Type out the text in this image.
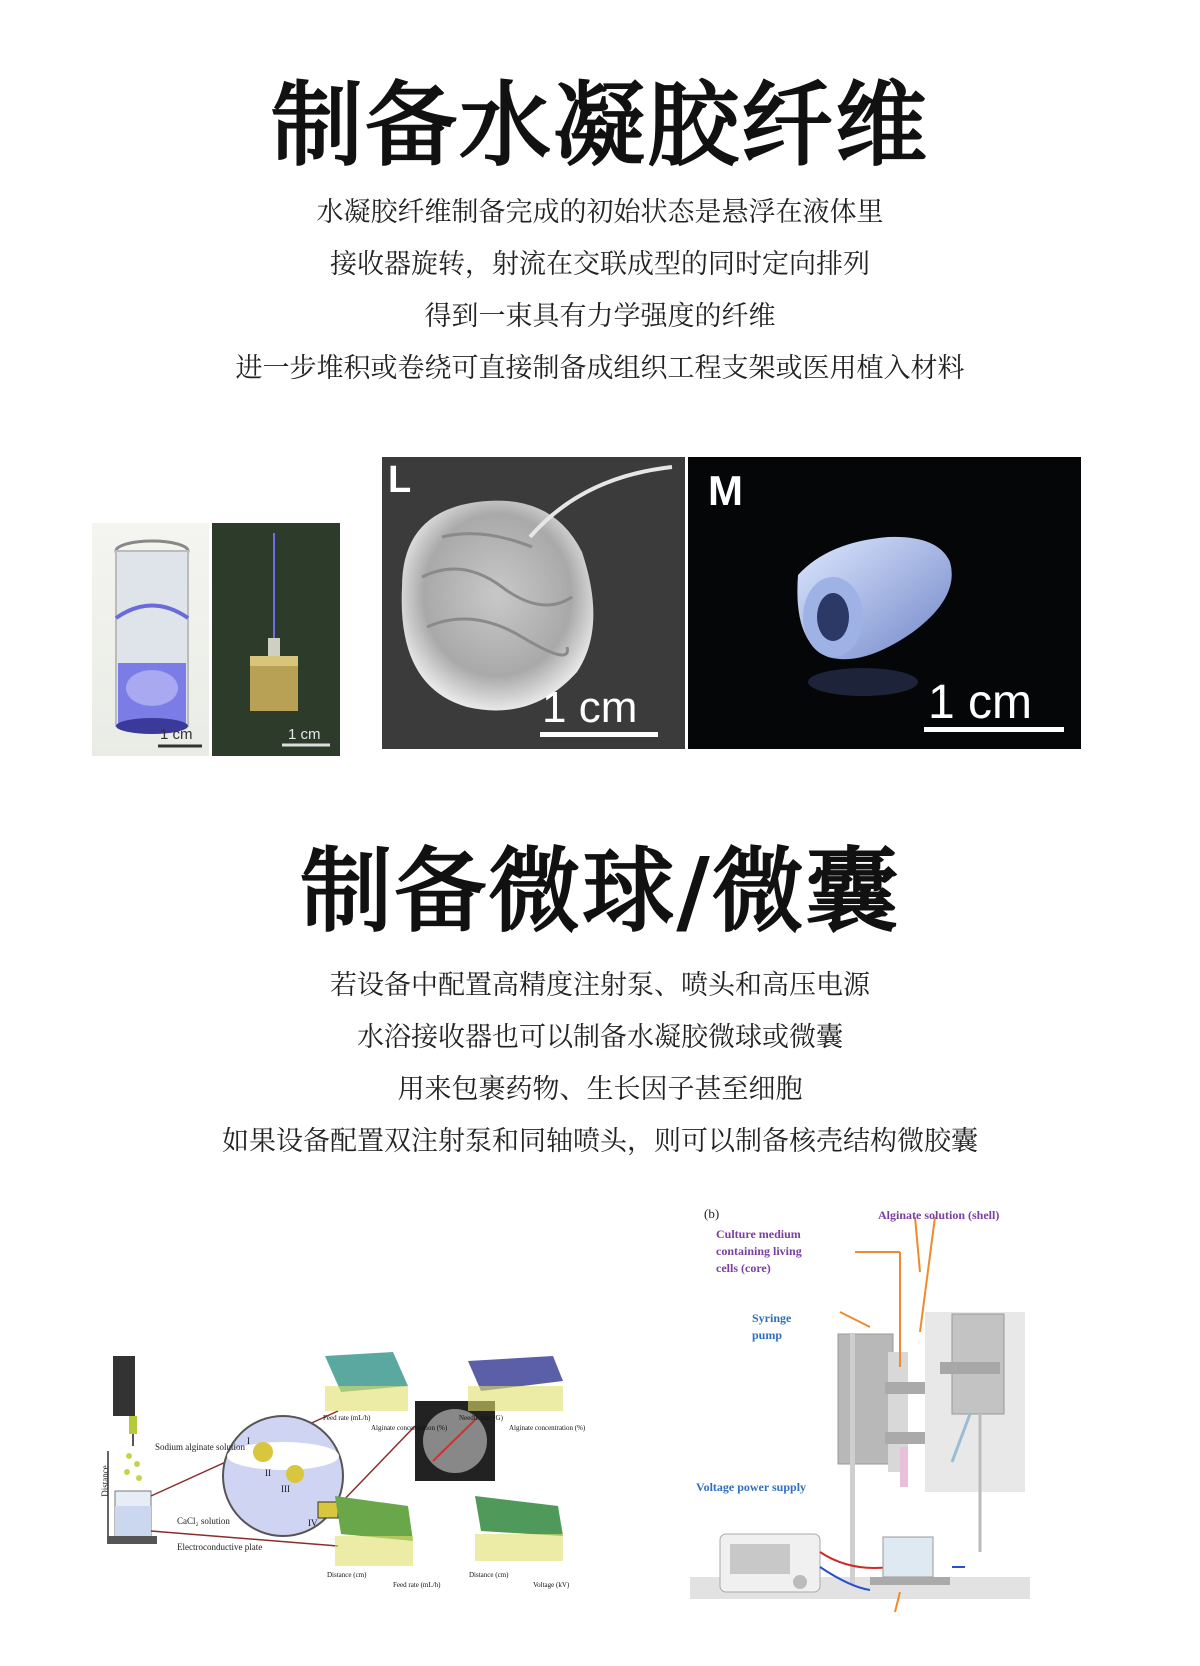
制备水凝胶纤维
水凝胶纤维制备完成的初始状态是悬浮在液体里
接收器旋转，射流在交联成型的同时定向排列
得到一束具有力学强度的纤维
进一步堆积或卷绕可直接制备成组织工程支架或医用植入材料
1 cm	1 cm
L
1 cm
M
1 cm
制备微球/微囊
若设备中配置高精度注射泵、喷头和高压电源
水浴接收器也可以制备水凝胶微球或微囊
用来包裹药物、生长因子甚至细胞
如果设备配置双注射泵和同轴喷头，则可以制备核壳结构微胶囊
Sodium alginate solution
Distance
CaCl₂ solution
Electroconductive plate
I
II
III
IV
Feed rate (mL/h)
Alginate concentration (%)
Needle size (G)
Alginate concentration (%)
Distance (cm)
Feed rate (mL/h)
Distance (cm)
Voltage (kV)
(b)	Alginate solution (shell)
Culture medium containing living cells (core)
Syringe pump
Voltage power supply
